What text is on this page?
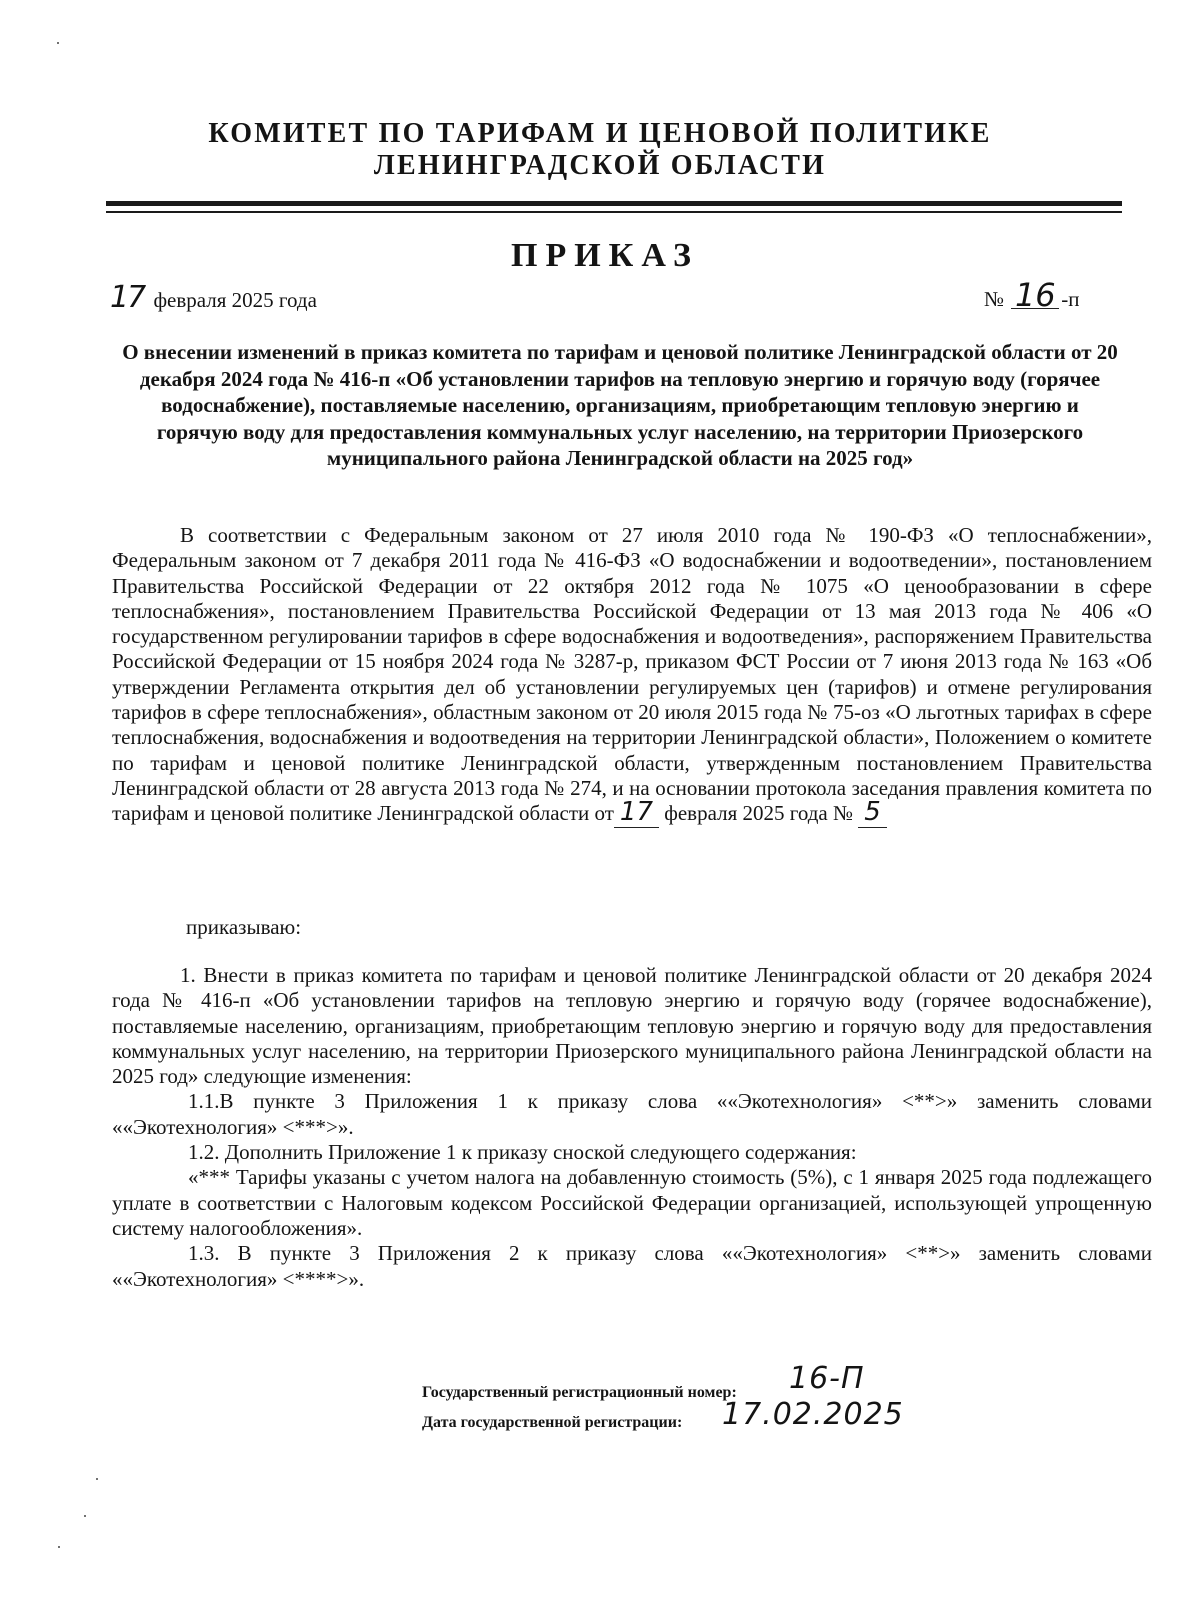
КОМИТЕТ ПО ТАРИФАМ И ЦЕНОВОЙ ПОЛИТИКЕ
ЛЕНИНГРАДСКОЙ ОБЛАСТИ
ПРИКАЗ
17 февраля 2025 года	№ 16 -п
О внесении изменений в приказ комитета по тарифам и ценовой политике Ленинградской области от 20 декабря 2024 года № 416-п «Об установлении тарифов на тепловую энергию и горячую воду (горячее водоснабжение), поставляемые населению, организациям, приобретающим тепловую энергию и горячую воду для предоставления коммунальных услуг населению, на территории Приозерского муниципального района Ленинградской области на 2025 год»

В соответствии с Федеральным законом от 27 июля 2010 года № 190-ФЗ «О теплоснабжении», Федеральным законом от 7 декабря 2011 года № 416-ФЗ «О водоснабжении и водоотведении», постановлением Правительства Российской Федерации от 22 октября 2012 года № 1075 «О ценообразовании в сфере теплоснабжения», постановлением Правительства Российской Федерации от 13 мая 2013 года № 406 «О государственном регулировании тарифов в сфере водоснабжения и водоотведения», распоряжением Правительства Российской Федерации от 15 ноября 2024 года № 3287-р, приказом ФСТ России от 7 июня 2013 года № 163 «Об утверждении Регламента открытия дел об установлении регулируемых цен (тарифов) и отмене регулирования тарифов в сфере теплоснабжения», областным законом от 20 июля 2015 года № 75-оз «О льготных тарифах в сфере теплоснабжения, водоснабжения и водоотведения на территории Ленинградской области», Положением о комитете по тарифам и ценовой политике Ленинградской области, утвержденным постановлением Правительства Ленинградской области от 28 августа 2013 года № 274, и на основании протокола заседания правления комитета по тарифам и ценовой политике Ленинградской области от 17 февраля 2025 года № 5

приказываю:

1. Внести в приказ комитета по тарифам и ценовой политике Ленинградской области от 20 декабря 2024 года № 416-п «Об установлении тарифов на тепловую энергию и горячую воду (горячее водоснабжение), поставляемые населению, организациям, приобретающим тепловую энергию и горячую воду для предоставления коммунальных услуг населению, на территории Приозерского муниципального района Ленинградской области на 2025 год» следующие изменения:

1.1.В пункте 3 Приложения 1 к приказу слова ««Экотехнология» <**>» заменить словами ««Экотехнология» <***>».

1.2. Дополнить Приложение 1 к приказу сноской следующего содержания:

«*** Тарифы указаны с учетом налога на добавленную стоимость (5%), с 1 января 2025 года подлежащего уплате в соответствии с Налоговым кодексом Российской Федерации организацией, использующей упрощенную систему налогообложения».

1.3. В пункте 3 Приложения 2 к приказу слова ««Экотехнология» <**>» заменить словами ««Экотехнология» <****>».

Государственный регистрационный номер: 16-П
Дата государственной регистрации: 17.02.2025
